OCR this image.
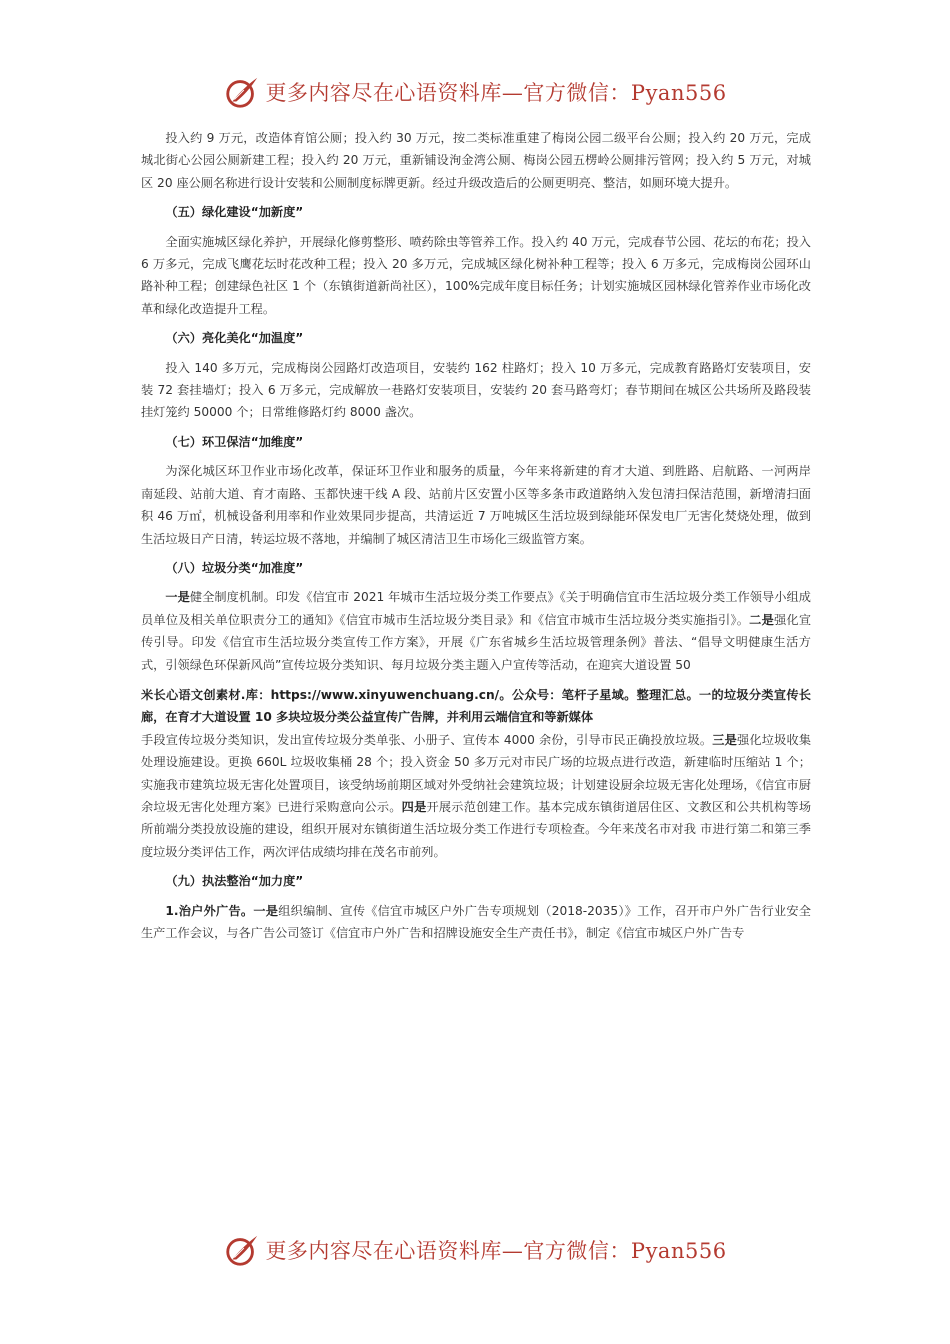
更多内容尽在心语资料库—官方微信：Pyan556

投入约 9 万元，改造体育馆公厕；投入约 30 万元，按二类标准重建了梅岗公园二级平台公厕；投入约 20 万元，完成城北街心公园公厕新建工程；投入约 20 万元，重新铺设洵金湾公厕、梅岗公园五楞岭公厕排污管网；投入约 5 万元，对城区 20 座公厕名称进行设计安装和公厕制度标牌更新。经过升级改造后的公厕更明亮、整洁，如厕环境大提升。

（五）绿化建设“加新度”

全面实施城区绿化养护，开展绿化修剪整形、喷药除虫等管养工作。投入约 40 万元，完成春节公园、花坛的布花；投入 6 万多元，完成飞鹰花坛时花改种工程；投入 20 多万元，完成城区绿化树补种工程等；投入 6 万多元，完成梅岗公园环山路补种工程；创建绿色社区 1 个（东镇街道新尚社区），100%完成年度目标任务；计划实施城区园林绿化管养作业市场化改革和绿化改造提升工程。

（六）亮化美化“加温度”

投入 140 多万元，完成梅岗公园路灯改造项目，安装约 162 柱路灯；投入 10 万多元，完成教育路路灯安装项目，安装 72 套挂墙灯；投入 6 万多元，完成解放一巷路灯安装项目，安装约 20 套马路弯灯；春节期间在城区公共场所及路段装挂灯笼约 50000 个；日常维修路灯约 8000 盏次。

（七）环卫保洁“加维度”

为深化城区环卫作业市场化改革，保证环卫作业和服务的质量，今年来将新建的育才大道、到胜路、启航路、一河两岸南延段、站前大道、育才南路、玉都快速干线 A 段、站前片区安置小区等多条市政道路纳入发包清扫保洁范围，新增清扫面积 46 万㎡，机械设备利用率和作业效果同步提高，共清运近 7 万吨城区生活垃圾到绿能环保发电厂无害化焚烧处理，做到生活垃圾日产日清，转运垃圾不落地，并编制了城区清洁卫生市场化三级监管方案。

（八）垃圾分类“加准度”

一是健全制度机制。印发《信宜市 2021 年城市生活垃圾分类工作要点》《关于明确信宜市生活垃圾分类工作领导小组成员单位及相关单位职责分工的通知》《信宜市城市生活垃圾分类目录》和《信宜市城市生活垃圾分类实施指引》。二是强化宣传引导。印发《信宜市生活垃圾分类宣传工作方案》，开展《广东省城乡生活垃圾管理条例》普法、“倡导文明健康生活方式，引领绿色环保新风尚”宣传垃圾分类知识、每月垃圾分类主题入户宣传等活动，在迎宾大道设置 50

米长心语文创素材.库：https://www.xinyuwenchuang.cn/。公众号：笔杆子星域。整理汇总。一的垃圾分类宣传长廊，在育才大道设置 10 多块垃圾分类公益宣传广告牌，并利用云端信宜和等新媒体

手段宣传垃圾分类知识，发出宣传垃圾分类单张、小册子、宣传本 4000 余份，引导市民正确投放垃圾。三是强化垃圾收集处理设施建设。更换 660L 垃圾收集桶 28 个；投入资金 50 多万元对市民广场的垃圾点进行改造，新建临时压缩站 1 个；实施我市建筑垃圾无害化处置项目，该受纳场前期区域对外受纳社会建筑垃圾；计划建设厨余垃圾无害化处理场，《信宜市厨余垃圾无害化处理方案》已进行采购意向公示。四是开展示范创建工作。基本完成东镇街道居住区、文教区和公共机构等场所前端分类投放设施的建设，组织开展对东镇街道生活垃圾分类工作进行专项检查。今年来茂名市对我 市进行第二和第三季度垃圾分类评估工作，两次评估成绩均排在茂名市前列。

（九）执法整治“加力度”

1.治户外广告。一是组织编制、宣传《信宜市城区户外广告专项规划（2018-2035）》工作，召开市户外广告行业安全生产工作会议，与各广告公司签订《信宜市户外广告和招牌设施安全生产责任书》，制定《信宜市城区户外广告专

更多内容尽在心语资料库—官方微信：Pyan556
